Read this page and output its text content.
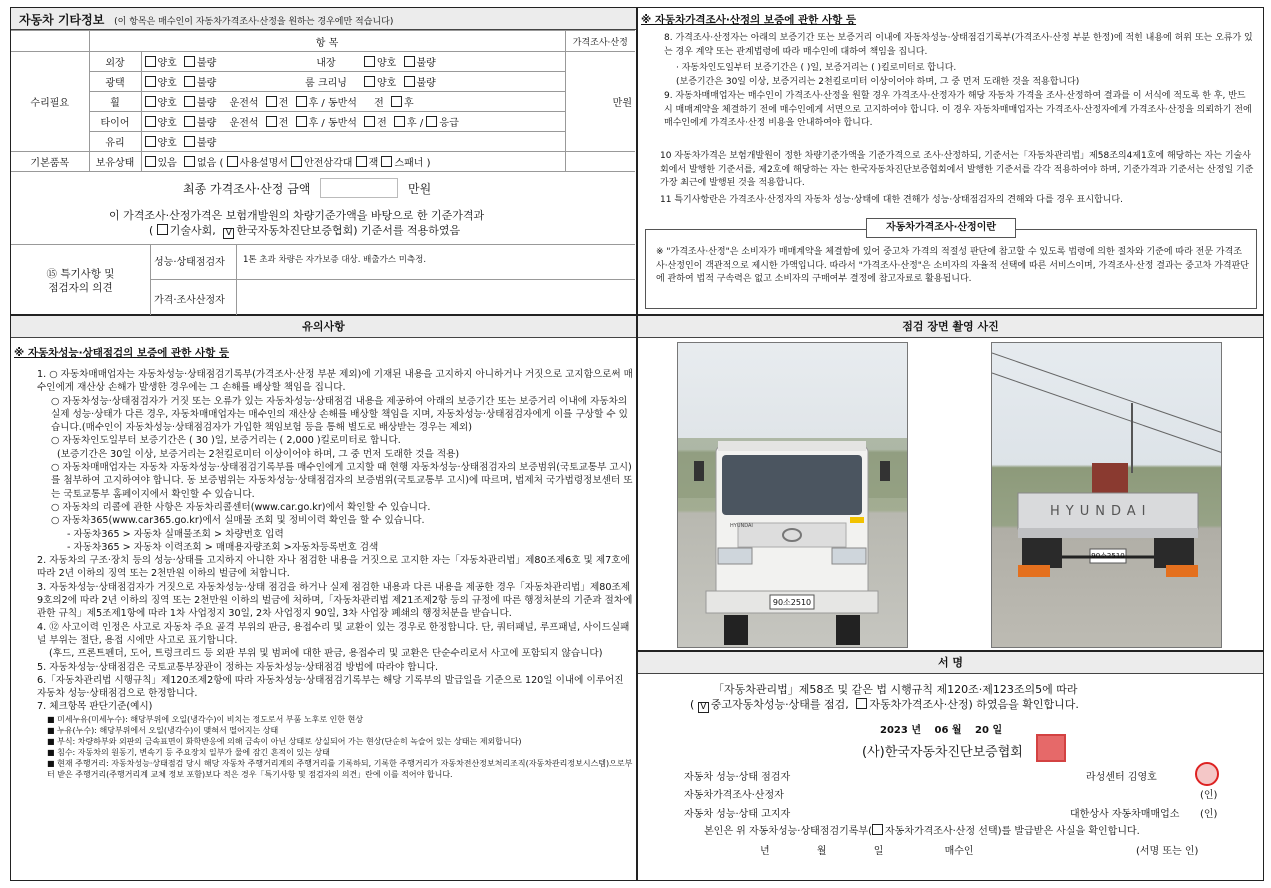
자동차 기타정보 (이 항목은 매수인이 자동차가격조사·산정을 원하는 경우에만 적습니다)
	항 목				가격조사·산정
수리필요	외장	양호 불량	내장	양호 불량	만원
	광택	양호 불량	룸 크리닝	양호 불량	
	휠	양호 불량 운전석 전 후 / 동반석 전 후			
	타이어	양호 불량 운전석 전 후 / 동반석 전 후 / 응급			
	유리	양호 불량			
기본품목	보유상태	있음 없음 ( 사용설명서 안전삼각대 잭 스패너 )			
최종 가격조사·산정 금액	만원
이 가격조사·산정가격은 보험개발원의 차량기준가액을 바탕으로 한 기준가격과
( 기술사회, V 한국자동차진단보증협회) 기준서를 적용하였음
⑮ 특기사항 및
점검자의 의견
성능·상태점검자	1톤 초과 차량은 자가보증 대상. 배출가스 미측정.
가격·조사산정자
※ 자동차가격조사·산정의 보증에 관한 사항 등
8. 가격조사·산정자는 아래의 보증기간 또는 보증거리 이내에 자동차성능·상태점검기록부(가격조사·산정 부분 한정)에 적힌 내용에 허위 또는 오류가 있는 경우 계약 또는 관계법령에 따라 매수인에 대하여 책임을 집니다.
· 자동차인도일부터 보증기간은 ( )일, 보증거리는 ( )킬로미터로 합니다.
(보증기간은 30일 이상, 보증거리는 2천킬로미터 이상이어야 하며, 그 중 먼저 도래한 것을 적용합니다)
9. 자동차매매업자는 매수인이 가격조사·산정을 원할 경우 가격조사·산정자가 해당 자동차 가격을 조사·산정하여 결과를 이 서식에 적도록 한 후, 반드시 매매계약을 체결하기 전에 매수인에게 서면으로 고지하여야 합니다. 이 경우 자동차매매업자는 가격조사·산정자에게 가격조사·산정을 의뢰하기 전에 매수인에게 가격조사·산정 비용을 안내하여야 합니다.
10 자동차가격은 보험개발원이 정한 차량기준가액을 기준가격으로 조사·산정하되, 기준서는「자동차관리법」제58조의4제1호에 해당하는 자는 기술사회에서 발행한 기준서를, 제2호에 해당하는 자는 한국자동차진단보증협회에서 발행한 기준서를 각각 적용하여야 하며, 기준가격과 기준서는 산정일 기준 가장 최근에 발행된 것을 적용합니다.
11 특기사항란은 가격조사·산정자의 자동차 성능·상태에 대한 견해가 성능·상태점검자의 견해와 다를 경우 표시합니다.
자동차가격조사·산정이란
※ "가격조사·산정"은 소비자가 매매계약을 체결함에 있어 중고차 가격의 적절성 판단에 참고할 수 있도록 법령에 의한 절차와 기준에 따라 전문 가격조사·산정인이 객관적으로 제시한 가액입니다. 따라서 "가격조사·산정"은 소비자의 자율적 선택에 따른 서비스이며, 가격조사·산정 결과는 중고차 가격판단에 관하여 법적 구속력은 없고 소비자의 구매여부 결정에 참고자료로 활용됩니다.
유의사항
※ 자동차성능·상태점검의 보증에 관한 사항 등
1. ○ 자동차매매업자는 자동차성능·상태점검기록부(가격조사·산정 부분 제외)에 기재된 내용을 고지하지 아니하거나 거짓으로 고지함으로써 매수인에게 재산상 손해가 발생한 경우에는 그 손해를 배상할 책임을 집니다.
○ 자동차성능·상태점검자가 거짓 또는 오류가 있는 자동차성능·상태점검 내용을 제공하여 아래의 보증기간 또는 보증거리 이내에 자동차의 실제 성능·상태가 다른 경우, 자동차매매업자는 매수인의 재산상 손해를 배상할 책임을 지며, 자동차성능·상태점검자에게 이를 구상할 수 있습니다.(매수인이 자동차성능·상태점검자가 가입한 책임보험 등을 통해 별도로 배상받는 경우는 제외)
○ 자동차인도일부터 보증기간은 ( 30 )일, 보증거리는 ( 2,000 )킬로미터로 합니다.
(보증기간은 30일 이상, 보증거리는 2천킬로미터 이상이어야 하며, 그 중 먼저 도래한 것을 적용)
○ 자동차매매업자는 자동차 자동차성능·상태점검기록부를 매수인에게 고지할 때 현행 자동차성능·상태점검자의 보증범위(국토교통부 고시)를 첨부하여 고지하여야 합니다. 동 보증범위는 자동차성능·상태점검자의 보증범위(국토교통부 고시)에 따르며, 법제처 국가법령정보센터 또는 국토교통부 홈페이지에서 확인할 수 있습니다.
○ 자동차의 리콜에 관한 사항은 자동차리콜센터(www.car.go.kr)에서 확인할 수 있습니다.
○ 자동차365(www.car365.go.kr)에서 실매물 조회 및 정비이력 확인을 할 수 있습니다.
- 자동차365 > 자동차 실매물조회 > 차량번호 입력
- 자동차365 > 자동차 이력조회 > 매매용자량조회 >자동차등록번호 검색
2. 자동차의 구조·장치 등의 성능·상태를 고지하지 아니한 자나 점검한 내용을 거짓으로 고지한 자는「자동차관리법」제80조제6호 및 제7호에 따라 2년 이하의 징역 또는 2천만원 이하의 벌금에 처합니다.
3. 자동차성능·상태점검자가 거짓으로 자동차성능·상태 점검을 하거나 실제 점검한 내용과 다른 내용을 제공한 경우「자동차관리법」제80조제9호의2에 따라 2년 이하의 징역 또는 2천만원 이하의 벌금에 처하며,「자동차관리법 제21조제2항 등의 규정에 따른 행정처분의 기준과 절차에 관한 규칙」제5조제1항에 따라 1차 사업정지 30일, 2차 사업정지 90일, 3차 사업장 폐쇄의 행정처분을 받습니다.
4. ⑫ 사고이력 인정은 사고로 자동차 주요 골격 부위의 판금, 용접수리 및 교환이 있는 경우로 한정합니다. 단, 쿼터패널, 루프패널, 사이드실패널 부위는 절단, 용접 시에만 사고로 표기합니다.
(후드, 프론트펜더, 도어, 트렁크리드 등 외판 부위 및 범퍼에 대한 판금, 용접수리 및 교환은 단순수리로서 사고에 포함되지 않습니다)
5. 자동차성능·상태점검은 국토교통부장관이 정하는 자동차성능·상태점검 방법에 따라야 합니다.
6.「자동차관리법 시행규칙」제120조제2항에 따라 자동차성능·상태점검기록부는 해당 기록부의 발급일을 기준으로 120일 이내에 이루어진 자동차 성능·상태점검으로 한정합니다.
7. 체크항목 판단기준(예시)
■ 미세누유(미세누수): 해당부위에 오일(냉각수)이 비치는 정도로서 부품 노후로 인한 현상
■ 누유(누수): 해당부위에서 오일(냉각수)이 맺혀서 떨어지는 상태
■ 부식: 차량하부와 외판의 금속표면이 화학반응에 의해 금속이 아닌 상태로 상실되어 가는 현상(단순히 녹슬어 있는 상태는 제외합니다)
■ 침수: 자동차의 원동기, 변속기 등 주요장치 일부가 물에 잠긴 흔적이 있는 상태
■ 현재 주행거리: 자동차성능·상태점검 당시 해당 자동차 주행거리계의 주행거리를 기록하되, 기록한 주행거리가 자동차전산정보처리조직(자동차관리정보시스템)으로부터 받은 주행거리(주행거리계 교체 정보 포함)보다 적은 경우「특기사항 및 점검자의 의견」란에 이를 적어야 합니다.
점검 장면 촬영 사진
HYUNDAI
90소2510
HYUNDAI
90소2510
서 명
「자동차관리법」제58조 및 같은 법 시행규칙 제120조·제123조의5에 따라
( V 중고자동차성능·상태를 점검, 자동차가격조사·산정) 하였음을 확인합니다.
2023 년 06 월 20 일
(사)한국자동차진단보증협회
자동차 성능·상태 점검자	라성센터 김영호
자동차가격조사·산정자	(인)
자동차 성능·상태 고지자	대한상사 자동차매매업소 (인)
본인은 위 자동차성능·상태점검기록부( 자동차가격조사·산정 선택)를 발급받은 사실을 확인합니다.
년	월	일	매수인	(서명 또는 인)
